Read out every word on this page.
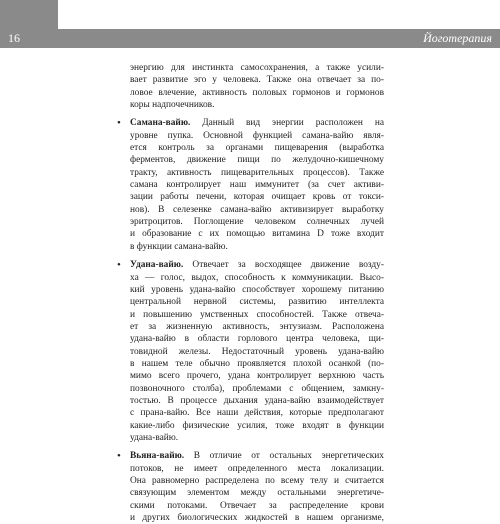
16	Йоготерапия
энергию для инстинкта самосохранения, а также усили-
вает развитие эго у человека. Также она отвечает за по-
ловое влечение, активность половых гормонов и гормонов
коры надпочечников.
• Самана-вайю. Данный вид энергии расположен на
уровне пупка. Основной функцией самана-вайю явля-
ется контроль за органами пищеварения (выработка
ферментов, движение пищи по желудочно-кишечному
тракту, активность пищеварительных процессов). Также
самана контролирует наш иммунитет (за счет активи-
зации работы печени, которая очищает кровь от токси-
нов). В селезенке самана-вайю активизирует выработку
эритроцитов. Поглощение человеком солнечных лучей
и образование с их помощью витамина D тоже входит
в функции самана-вайю.
• Удана-вайю. Отвечает за восходящее движение возду-
ха — голос, выдох, способность к коммуникации. Высо-
кий уровень удана-вайю способствует хорошему питанию
центральной нервной системы, развитию интеллекта
и повышению умственных способностей. Также отвеча-
ет за жизненную активность, энтузиазм. Расположена
удана-вайю в области горлового центра человека, щи-
товидной железы. Недостаточный уровень удана-вайю
в нашем теле обычно проявляется плохой осанкой (по-
мимо всего прочего, удана контролирует верхнюю часть
позвоночного столба), проблемами с общением, замкну-
тостью. В процессе дыхания удана-вайю взаимодействует
с прана-вайю. Все наши действия, которые предполагают
какие-либо физические усилия, тоже входят в функции
удана-вайю.
• Вьяна-вайю. В отличие от остальных энергетических
потоков, не имеет определенного места локализации.
Она равномерно распределена по всему телу и считается
связующим элементом между остальными энергетиче-
скими потоками. Отвечает за распределение крови
и других биологических жидкостей в нашем организме,
